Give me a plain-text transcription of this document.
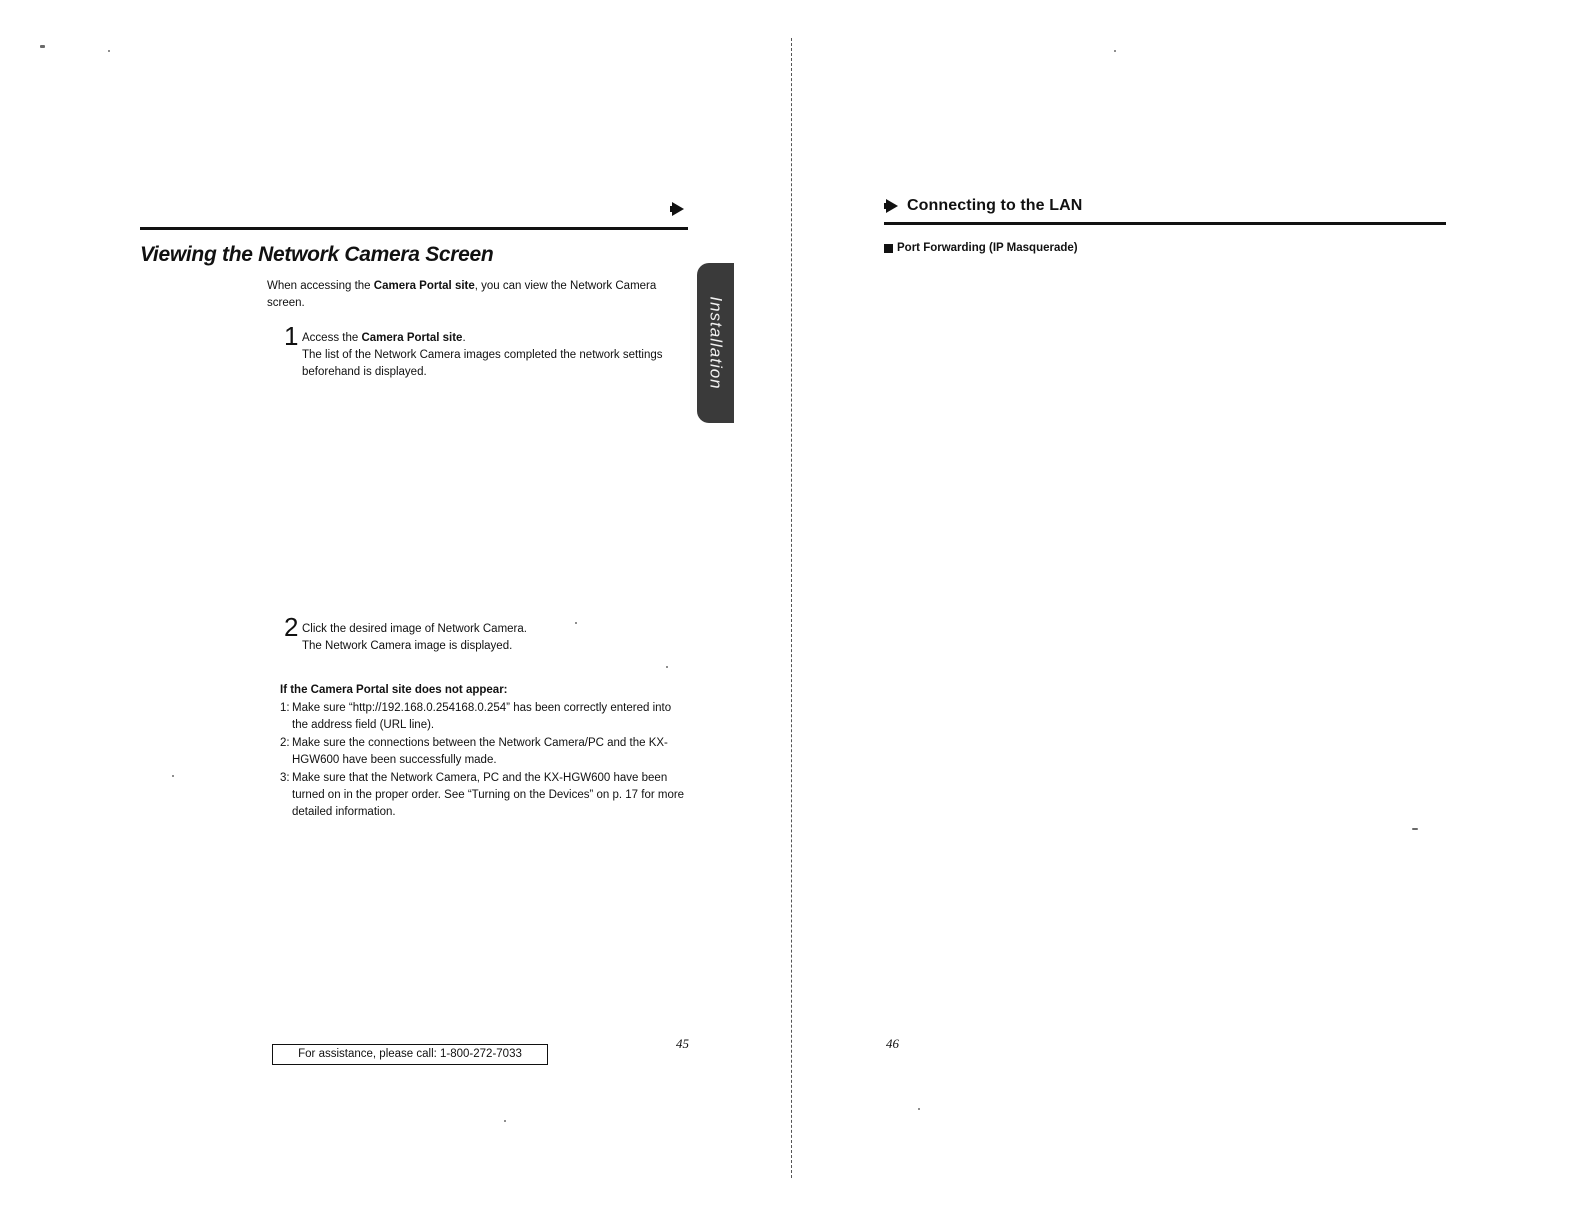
Viewing the Network Camera Screen
When accessing the Camera Portal site, you can view the Network Camera screen.
1 Access the Camera Portal site.
The list of the Network Camera images completed the network settings beforehand is displayed.
2 Click the desired image of Network Camera.
The Network Camera image is displayed.
If the Camera Portal site does not appear:
1: Make sure “http://192.168.0.254168.0.254” has been correctly entered into the address field (URL line).
2: Make sure the connections between the Network Camera/PC and the KX-HGW600 have been successfully made.
3: Make sure that the Network Camera, PC and the KX-HGW600 have been turned on in the proper order. See “Turning on the Devices” on p. 17 for more detailed information.
Installation
45
For assistance, please call: 1-800-272-7033
Connecting to the LAN
Port Forwarding (IP Masquerade)
46
